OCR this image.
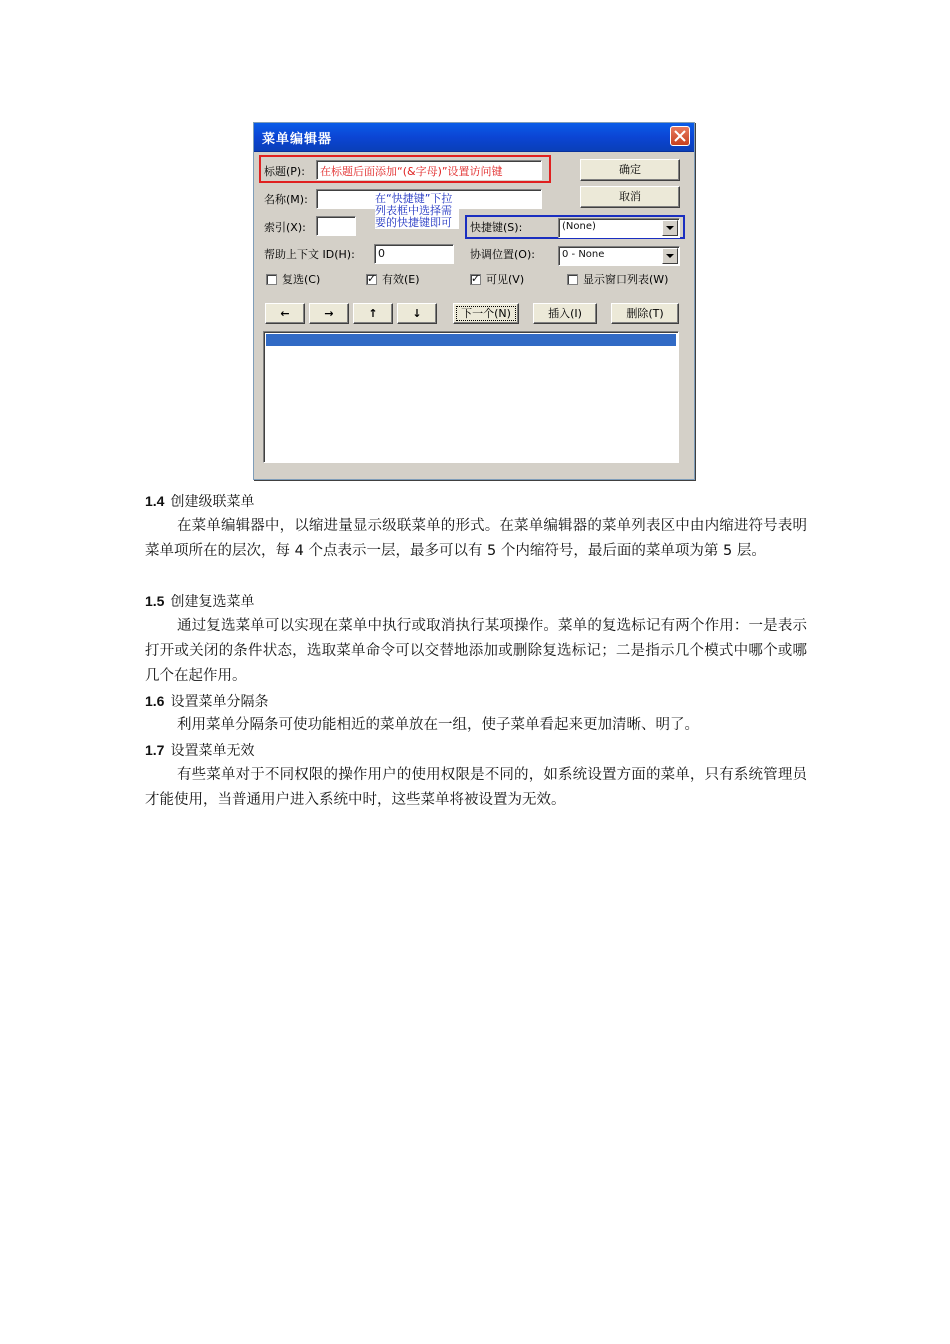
菜单编辑器
标题(P): 在标题后面添加“(&字母)”设置访问键	确定
取消
名称(M):	在“快捷键”下拉列表框中选择需要的快捷键即可
索引(X):	快捷键(S):	(None)
帮助上下文 ID(H):	0	协调位置(O):	0 - None
复选(C)	✓ 有效(E)	✓ 可见(V)	显示窗口列表(W)
←	→	↑	↓	下一个(N)	插入(I)	删除(T)
1.4 创建级联菜单
在菜单编辑器中，以缩进量显示级联菜单的形式。在菜单编辑器的菜单列表区中由内缩进符号表明菜单项所在的层次，每 4 个点表示一层，最多可以有 5 个内缩符号，最后面的菜单项为第 5 层。
1.5 创建复选菜单
通过复选菜单可以实现在菜单中执行或取消执行某项操作。菜单的复选标记有两个作用：一是表示打开或关闭的条件状态，选取菜单命令可以交替地添加或删除复选标记；二是指示几个模式中哪个或哪几个在起作用。
1.6 设置菜单分隔条
利用菜单分隔条可使功能相近的菜单放在一组，使子菜单看起来更加清晰、明了。
1.7 设置菜单无效
有些菜单对于不同权限的操作用户的使用权限是不同的，如系统设置方面的菜单，只有系统管理员才能使用，当普通用户进入系统中时，这些菜单将被设置为无效。
